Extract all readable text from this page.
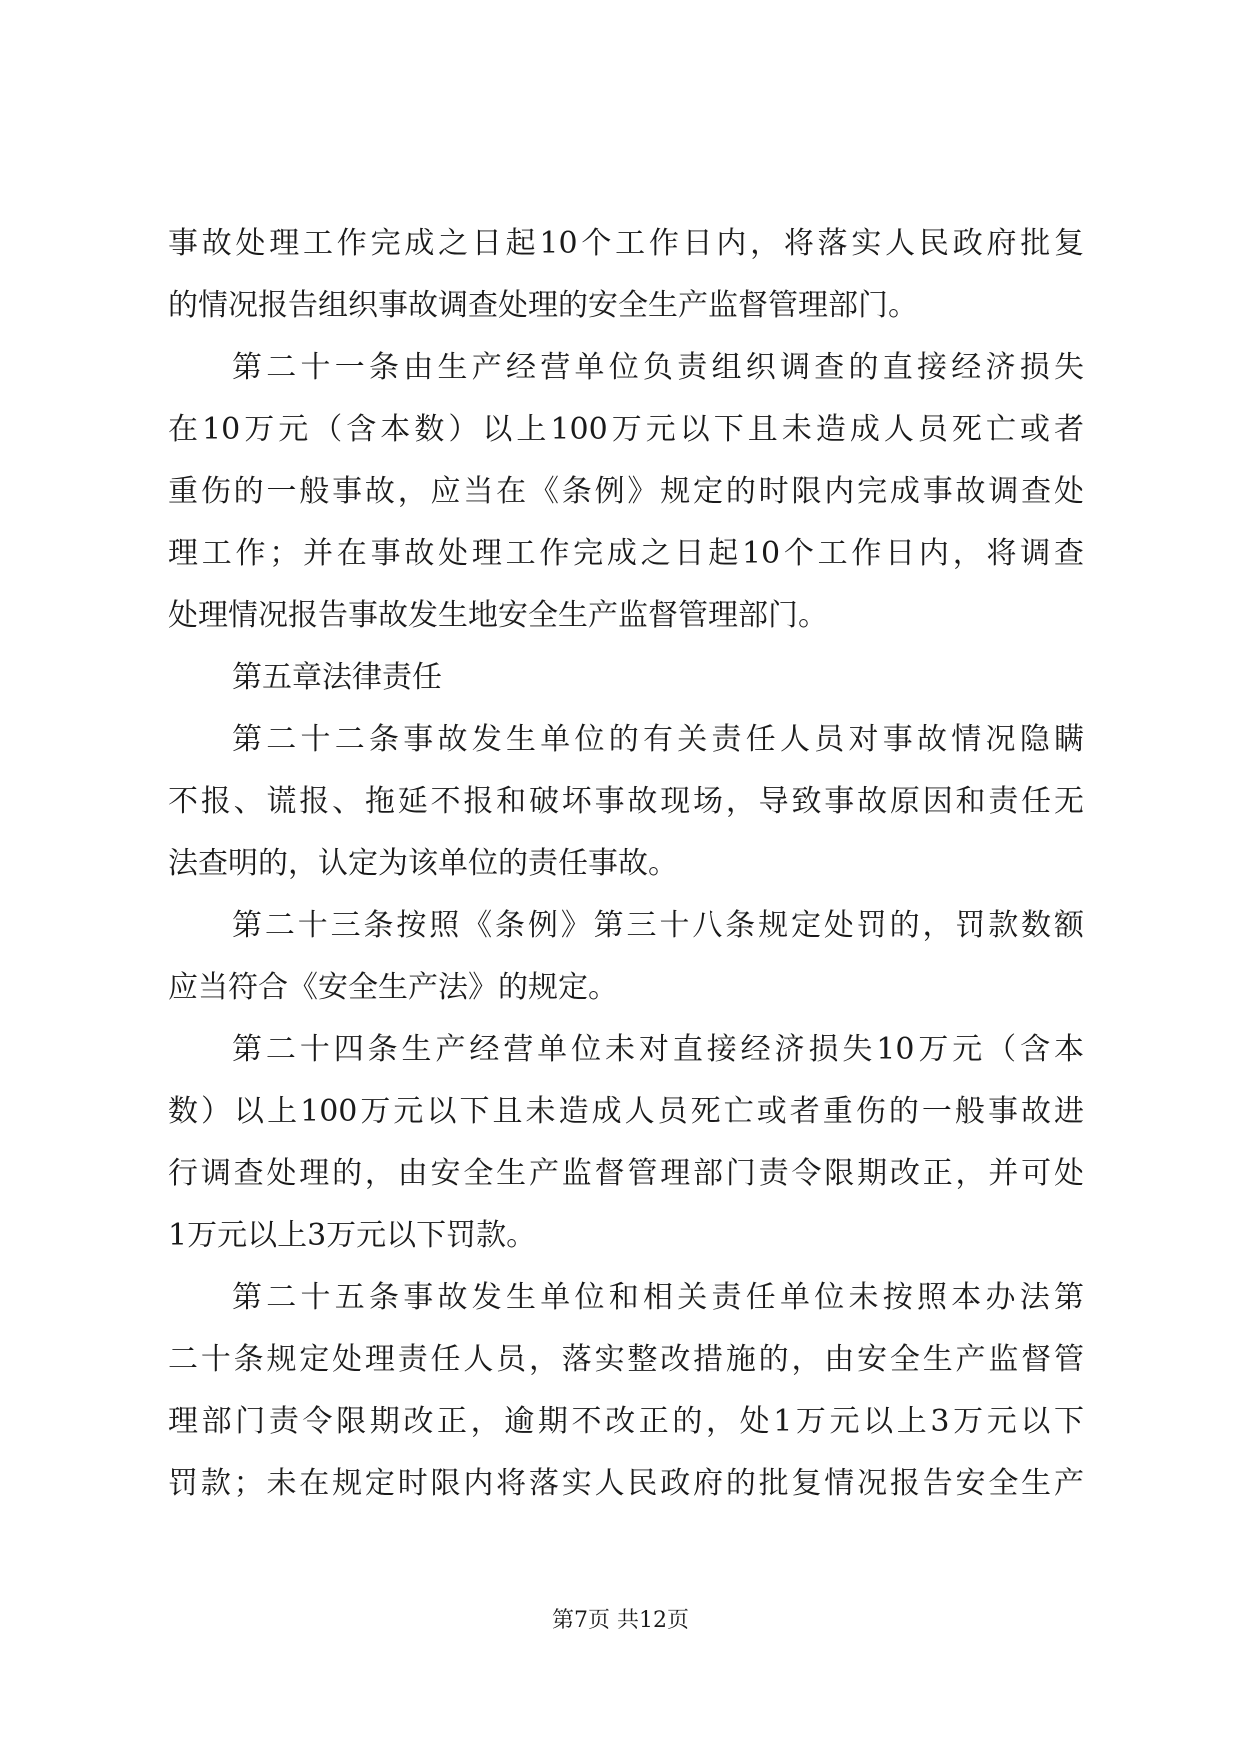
事故处理工作完成之日起10个工作日内，将落实人民政府批复
的情况报告组织事故调查处理的安全生产监督管理部门。
第二十一条由生产经营单位负责组织调查的直接经济损失
在10万元（含本数）以上100万元以下且未造成人员死亡或者
重伤的一般事故，应当在《条例》规定的时限内完成事故调查处
理工作；并在事故处理工作完成之日起10个工作日内，将调查
处理情况报告事故发生地安全生产监督管理部门。
第五章法律责任
第二十二条事故发生单位的有关责任人员对事故情况隐瞒
不报、谎报、拖延不报和破坏事故现场，导致事故原因和责任无
法查明的，认定为该单位的责任事故。
第二十三条按照《条例》第三十八条规定处罚的，罚款数额
应当符合《安全生产法》的规定。
第二十四条生产经营单位未对直接经济损失10万元（含本
数）以上100万元以下且未造成人员死亡或者重伤的一般事故进
行调查处理的，由安全生产监督管理部门责令限期改正，并可处
1万元以上3万元以下罚款。
第二十五条事故发生单位和相关责任单位未按照本办法第
二十条规定处理责任人员，落实整改措施的，由安全生产监督管
理部门责令限期改正，逾期不改正的，处1万元以上3万元以下
罚款；未在规定时限内将落实人民政府的批复情况报告安全生产
第7页 共12页
